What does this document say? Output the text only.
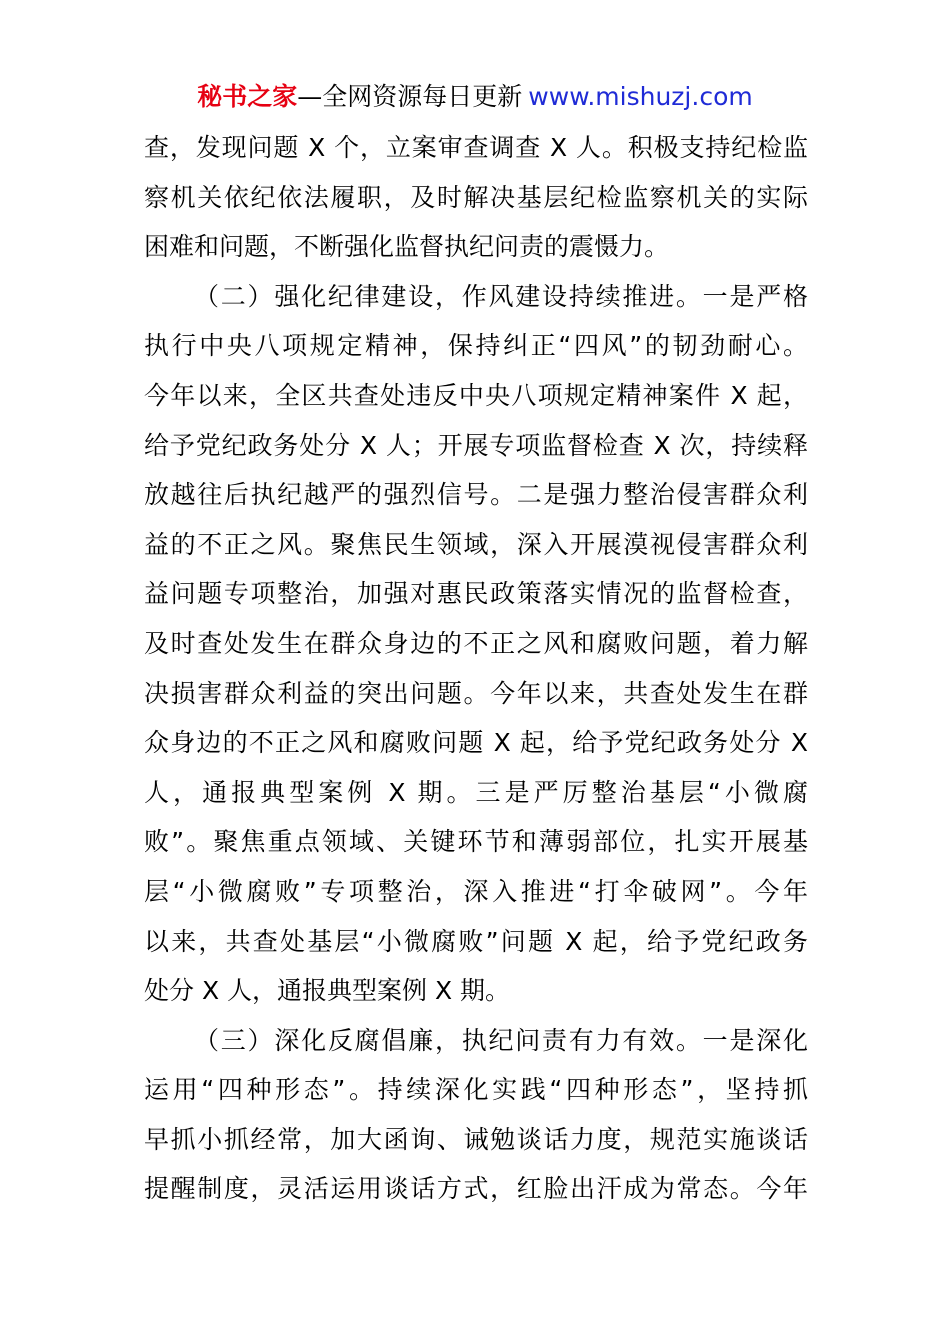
秘书之家—全网资源每日更新 www.mishuzj.com
查，发现问题 X 个，立案审查调查 X 人。积极支持纪检监
察机关依纪依法履职，及时解决基层纪检监察机关的实际
困难和问题，不断强化监督执纪问责的震慑力。
（二）强化纪律建设，作风建设持续推进。一是严格
执行中央八项规定精神，保持纠正“四风”的韧劲耐心。
今年以来，全区共查处违反中央八项规定精神案件 X 起，
给予党纪政务处分 X 人；开展专项监督检查 X 次，持续释
放越往后执纪越严的强烈信号。二是强力整治侵害群众利
益的不正之风。聚焦民生领域，深入开展漠视侵害群众利
益问题专项整治，加强对惠民政策落实情况的监督检查，
及时查处发生在群众身边的不正之风和腐败问题，着力解
决损害群众利益的突出问题。今年以来，共查处发生在群
众身边的不正之风和腐败问题 X 起，给予党纪政务处分 X
人，通报典型案例 X 期。三是严厉整治基层“小微腐
败”。聚焦重点领域、关键环节和薄弱部位，扎实开展基
层“小微腐败”专项整治，深入推进“打伞破网”。今年
以来，共查处基层“小微腐败”问题 X 起，给予党纪政务
处分 X 人，通报典型案例 X 期。
（三）深化反腐倡廉，执纪问责有力有效。一是深化
运用“四种形态”。持续深化实践“四种形态”，坚持抓
早抓小抓经常，加大函询、诫勉谈话力度，规范实施谈话
提醒制度，灵活运用谈话方式，红脸出汗成为常态。今年
